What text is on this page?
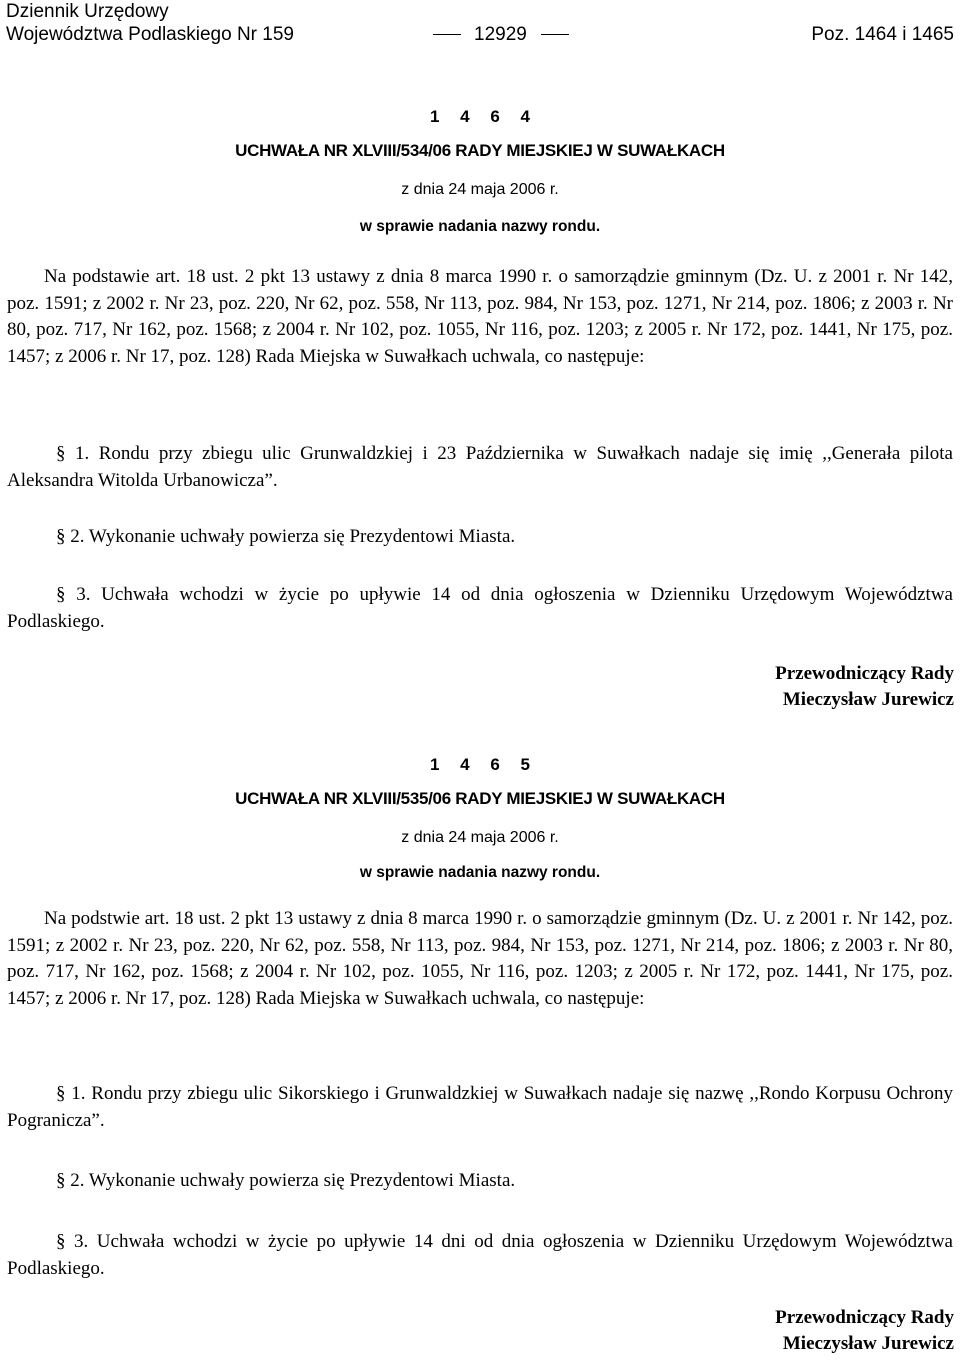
Dziennik Urzędowy
Województwa Podlaskiego Nr 159	12929	Poz. 1464 i 1465
1 4 6 4
UCHWAŁA NR XLVIII/534/06 RADY MIEJSKIEJ W SUWAŁKACH
z dnia 24 maja 2006 r.
w sprawie nadania nazwy rondu.
Na podstawie art. 18 ust. 2 pkt 13 ustawy z dnia 8 marca 1990 r. o samorządzie gminnym (Dz. U. z 2001 r. Nr 142, poz. 1591; z 2002 r. Nr 23, poz. 220, Nr 62, poz. 558, Nr 113, poz. 984, Nr 153, poz. 1271, Nr 214, poz. 1806; z 2003 r. Nr 80, poz. 717, Nr 162, poz. 1568; z 2004 r. Nr 102, poz. 1055, Nr 116, poz. 1203; z 2005 r. Nr 172, poz. 1441, Nr 175, poz. 1457; z 2006 r. Nr 17, poz. 128) Rada Miejska w Suwałkach uchwala, co następuje:
§ 1. Rondu przy zbiegu ulic Grunwaldzkiej i 23 Października w Suwałkach nadaje się imię ,,Generała pilota Aleksandra Witolda Urbanowicza”.
§ 2. Wykonanie uchwały powierza się Prezydentowi Miasta.
§ 3. Uchwała wchodzi w życie po upływie 14 od dnia ogłoszenia w Dzienniku Urzędowym Województwa Podlaskiego.
Przewodniczący Rady
Mieczysław Jurewicz
1 4 6 5
UCHWAŁA NR XLVIII/535/06 RADY MIEJSKIEJ W SUWAŁKACH
z dnia 24 maja 2006 r.
w sprawie nadania nazwy rondu.
Na podstwie art. 18 ust. 2 pkt 13 ustawy z dnia 8 marca 1990 r. o samorządzie gminnym (Dz. U. z 2001 r. Nr 142, poz. 1591; z 2002 r. Nr 23, poz. 220, Nr 62, poz. 558, Nr 113, poz. 984, Nr 153, poz. 1271, Nr 214, poz. 1806; z 2003 r. Nr 80, poz. 717, Nr 162, poz. 1568; z 2004 r. Nr 102, poz. 1055, Nr 116, poz. 1203; z 2005 r. Nr 172, poz. 1441, Nr 175, poz. 1457; z 2006 r. Nr 17, poz. 128) Rada Miejska w Suwałkach uchwala, co następuje:
§ 1. Rondu przy zbiegu ulic Sikorskiego i Grunwaldzkiej w Suwałkach nadaje się nazwę ,,Rondo Korpusu Ochrony Pogranicza”.
§ 2. Wykonanie uchwały powierza się Prezydentowi Miasta.
§ 3. Uchwała wchodzi w życie po upływie 14 dni od dnia ogłoszenia w Dzienniku Urzędowym Województwa Podlaskiego.
Przewodniczący Rady
Mieczysław Jurewicz
